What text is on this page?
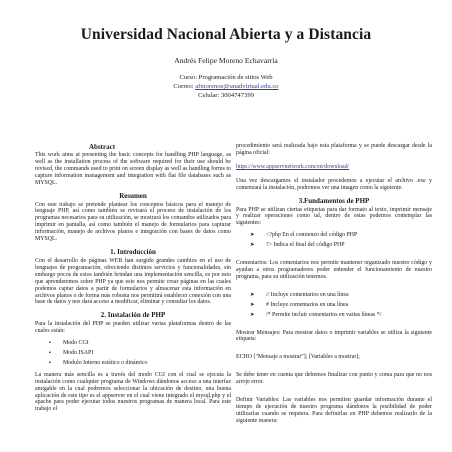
Universidad Nacional Abierta y a Distancia
Andrés Felipe Moreno Echavarría
Curso: Programación de sitios Web
Correo: afmorenoe@unadvirtual.edu.co
Celular: 3004747399
Abstract

This work aims at presenting the basic concepts for handling PHP language, as well as the installation process of the software required for their use should be revised, the commands used to print on screen display as well as handling forms to capture information management and integration with flat file databases such as MYSQL.

Resumen

Con este trabajo se pretende plantear los conceptos básicos para el manejo de lenguaje PHP, así como también se revisará el proceso de instalación de los programas necesarios para su utilización, se mostrará los comandos utilizados para imprimir en pantalla, así como también el manejo de formularios para capturar información, manejo de archivos planos e integración con bases de datos como MYSQL.

1. Introducción

Con el desarrollo de páginas WEB han surgido grandes cambios en el uso de lenguajes de programación, ofreciendo distintos servicios y funcionalidades, sin embargo pocos de estos también brindan una implementación sencilla, es por esto que aprenderemos sobre PHP ya que este nos permite crear páginas en las cuales podemos captar datos a partir de formularios y almacenar esta información en archivos planos o de forma más robusta nos permitirá establecer conexión con una base de datos y nos dará acceso a modificar, eliminar y consultar los datos.

2. Instalación de PHP

Para la instalación del PHP se pueden utilizar varias plataformas dentro de las cuales están:

▪ Modo CGI
▪ Modo ISAPI
▪ Modulo Interno estático o dinámico

La manera más sencilla es a través del modo CGI con el cual se ejecuta la instalación como cualquier programa de Windows dándonos acceso a una interfaz amigable en la cual podremos seleccionar la ubicación de destino, una buena aplicación de este tipo es el appserver en el cual viene integrado el mysql,php y el apache para poder ejecutar todos nuestros programas de manera local. Para este trabajo el

procedimiento será realizada bajo esta plataforma y se puede descargar desde la página oficial:

https://www.appservnetwork.com/en/download/

Una vez descargamos el instalador procedemos a ejecutar el archivo .exe y comenzará la instalación, podremos ver una imagen como la siguiente.

3.Fundamentos de PHP

Para PHP se utilizan ciertas etiquetas para dar formato al texto, imprimir mensaje y realizar operaciones como tal, dentro de estas podemos contemplar las siguientes:

➤ <?php En el comienzo del código PHP
➤ ?> Indica el final del código PHP

Comentarios: Los comentarios nos permite mantener organizado nuestro código y ayudan a otros programadores poder entender el funcionamiento de nuestro programa, para su utilización tenemos.

➤ // Incluye comentarios en una línea
➤ # Incluye comentarios en una línea
➤ /* Permite incluir comentarios en varias líneas */

Mostrar Mensajes: Para mostrar datos o imprimir variables se utiliza la siguiente etiqueta:

ECHO ["Mensaje a mostrar"]; [Variables a mostrar];

Se debe tener en cuenta que debemos finalizar con punto y coma para que no nos arroje error.

Definir Variables: Las variables nos permiten guardar información durante el tiempo de ejecución de nuestro programa dándonos la posibilidad de poder utilizarlas cuando se requiera. Para definirlas en PHP debemos realizarlo de la siguiente manera:
